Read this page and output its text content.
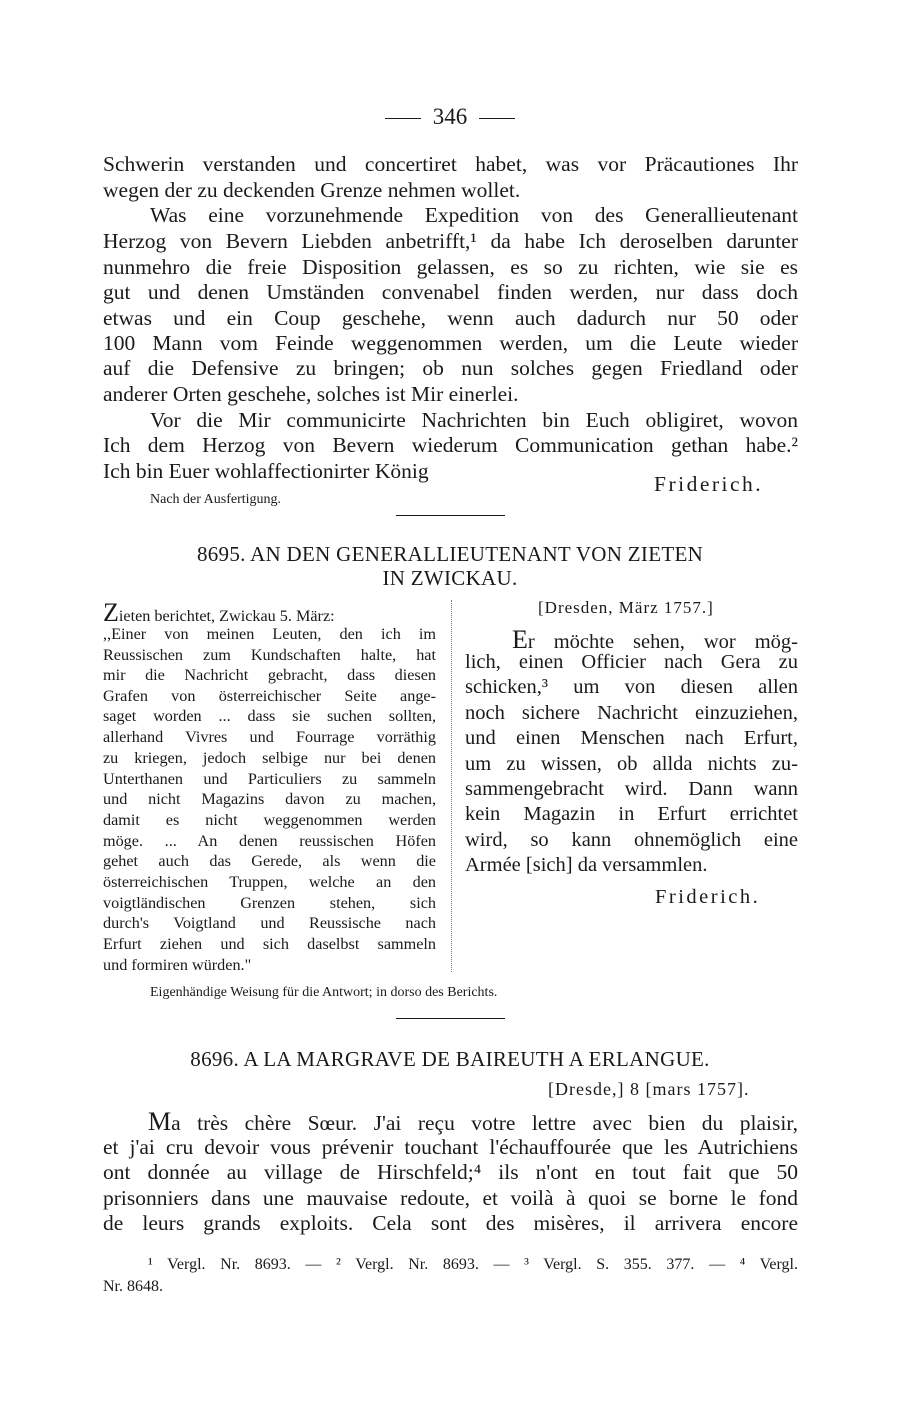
346
Schwerin verstanden und concertiret habet, was vor Präcautiones Ihr
wegen der zu deckenden Grenze nehmen wollet.
Was eine vorzunehmende Expedition von des Generallieutenant
Herzog von Bevern Liebden anbetrifft,¹ da habe Ich deroselben darunter
nunmehro die freie Disposition gelassen, es so zu richten, wie sie es
gut und denen Umständen convenabel finden werden, nur dass doch
etwas und ein Coup geschehe, wenn auch dadurch nur 50 oder
100 Mann vom Feinde weggenommen werden, um die Leute wieder
auf die Defensive zu bringen; ob nun solches gegen Friedland oder
anderer Orten geschehe, solches ist Mir einerlei.
Vor die Mir communicirte Nachrichten bin Euch obligiret, wovon
Ich dem Herzog von Bevern wiederum Communication gethan habe.²
Ich bin Euer wohlaffectionirter König
Friderich.
Nach der Ausfertigung.
8695. AN DEN GENERALLIEUTENANT VON ZIETEN
IN ZWICKAU.
Zieten berichtet, Zwickau 5. März:
,,Einer von meinen Leuten, den ich im
Reussischen zum Kundschaften halte, hat
mir die Nachricht gebracht, dass diesen
Grafen von österreichischer Seite ange-
saget worden ... dass sie suchen sollten,
allerhand Vivres und Fourrage vorräthig
zu kriegen, jedoch selbige nur bei denen
Unterthanen und Particuliers zu sammeln
und nicht Magazins davon zu machen,
damit es nicht weggenommen werden
möge. ... An denen reussischen Höfen
gehet auch das Gerede, als wenn die
österreichischen Truppen, welche an den
voigtländischen Grenzen stehen, sich
durch's Voigtland und Reussische nach
Erfurt ziehen und sich daselbst sammeln
und formiren würden."
[Dresden, März 1757.]
Er möchte sehen, wor mög-
lich, einen Officier nach Gera zu
schicken,³ um von diesen allen
noch sichere Nachricht einzuziehen,
und einen Menschen nach Erfurt,
um zu wissen, ob allda nichts zu-
sammengebracht wird. Dann wann
kein Magazin in Erfurt errichtet
wird, so kann ohnemöglich eine
Armée [sich] da versammlen.
Friderich.
Eigenhändige Weisung für die Antwort; in dorso des Berichts.
8696. A LA MARGRAVE DE BAIREUTH A ERLANGUE.
[Dresde,] 8 [mars 1757].
Ma très chère Sœur. J'ai reçu votre lettre avec bien du plaisir,
et j'ai cru devoir vous prévenir touchant l'échauffourée que les Autrichiens
ont donnée au village de Hirschfeld;⁴ ils n'ont en tout fait que 50
prisonniers dans une mauvaise redoute, et voilà à quoi se borne le fond
de leurs grands exploits. Cela sont des misères, il arrivera encore
¹ Vergl. Nr. 8693. — ² Vergl. Nr. 8693. — ³ Vergl. S. 355. 377. — ⁴ Vergl.
Nr. 8648.
